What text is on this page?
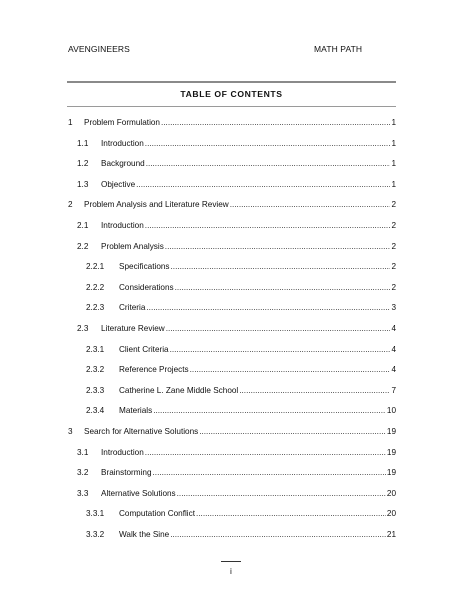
AVENGINEERS	MATH PATH
TABLE OF CONTENTS
1	Problem Formulation .....	1
1.1	Introduction .....	1
1.2	Background .....	1
1.3	Objective .....	1
2	Problem Analysis and Literature Review .....	2
2.1	Introduction .....	2
2.2	Problem Analysis .....	2
2.2.1	Specifications .....	2
2.2.2	Considerations .....	2
2.2.3	Criteria .....	3
2.3	Literature Review .....	4
2.3.1	Client Criteria .....	4
2.3.2	Reference Projects .....	4
2.3.3	Catherine L. Zane Middle School .....	7
2.3.4	Materials .....	10
3	Search for Alternative Solutions .....	19
3.1	Introduction .....	19
3.2	Brainstorming .....	19
3.3	Alternative Solutions .....	20
3.3.1	Computation Conflict .....	20
3.3.2	Walk the Sine .....	21
i
